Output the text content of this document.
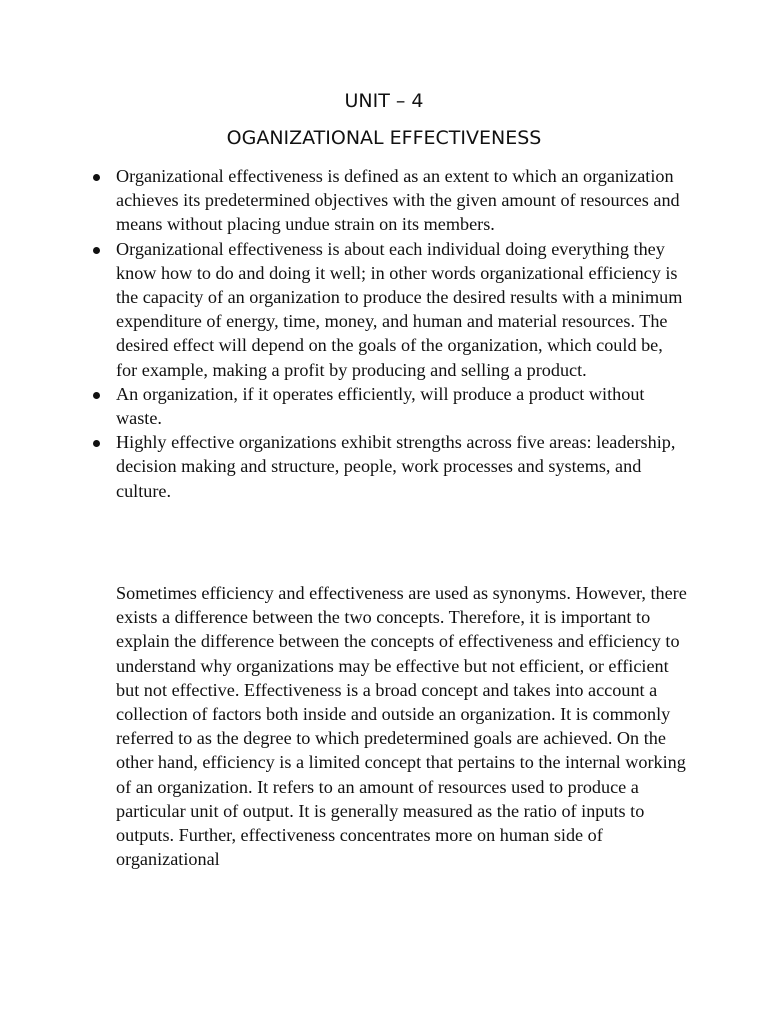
UNIT – 4
OGANIZATIONAL EFFECTIVENESS

Organizational effectiveness is defined as an extent to which an organization achieves its predetermined objectives with the given amount of resources and means without placing undue strain on its members.

Organizational effectiveness is about each individual doing everything they know how to do and doing it well; in other words organizational efficiency is the capacity of an organization to produce the desired results with a minimum expenditure of energy, time, money, and human and material resources. The desired effect will depend on the goals of the organization, which could be, for example, making a profit by producing and selling a product.

An organization, if it operates efficiently, will produce a product without waste.

Highly effective organizations exhibit strengths across five areas: leadership, decision making and structure, people, work processes and systems, and culture.

Sometimes efficiency and effectiveness are used as synonyms. However, there exists a difference between the two concepts. Therefore, it is important to explain the difference between the concepts of effectiveness and efficiency to understand why organizations may be effective but not efficient, or efficient but not effective. Effectiveness is a broad concept and takes into account a collection of factors both inside and outside an organization. It is commonly referred to as the degree to which predetermined goals are achieved. On the other hand, efficiency is a limited concept that pertains to the internal working of an organization. It refers to an amount of resources used to produce a particular unit of output. It is generally measured as the ratio of inputs to outputs. Further, effectiveness concentrates more on human side of organizational
